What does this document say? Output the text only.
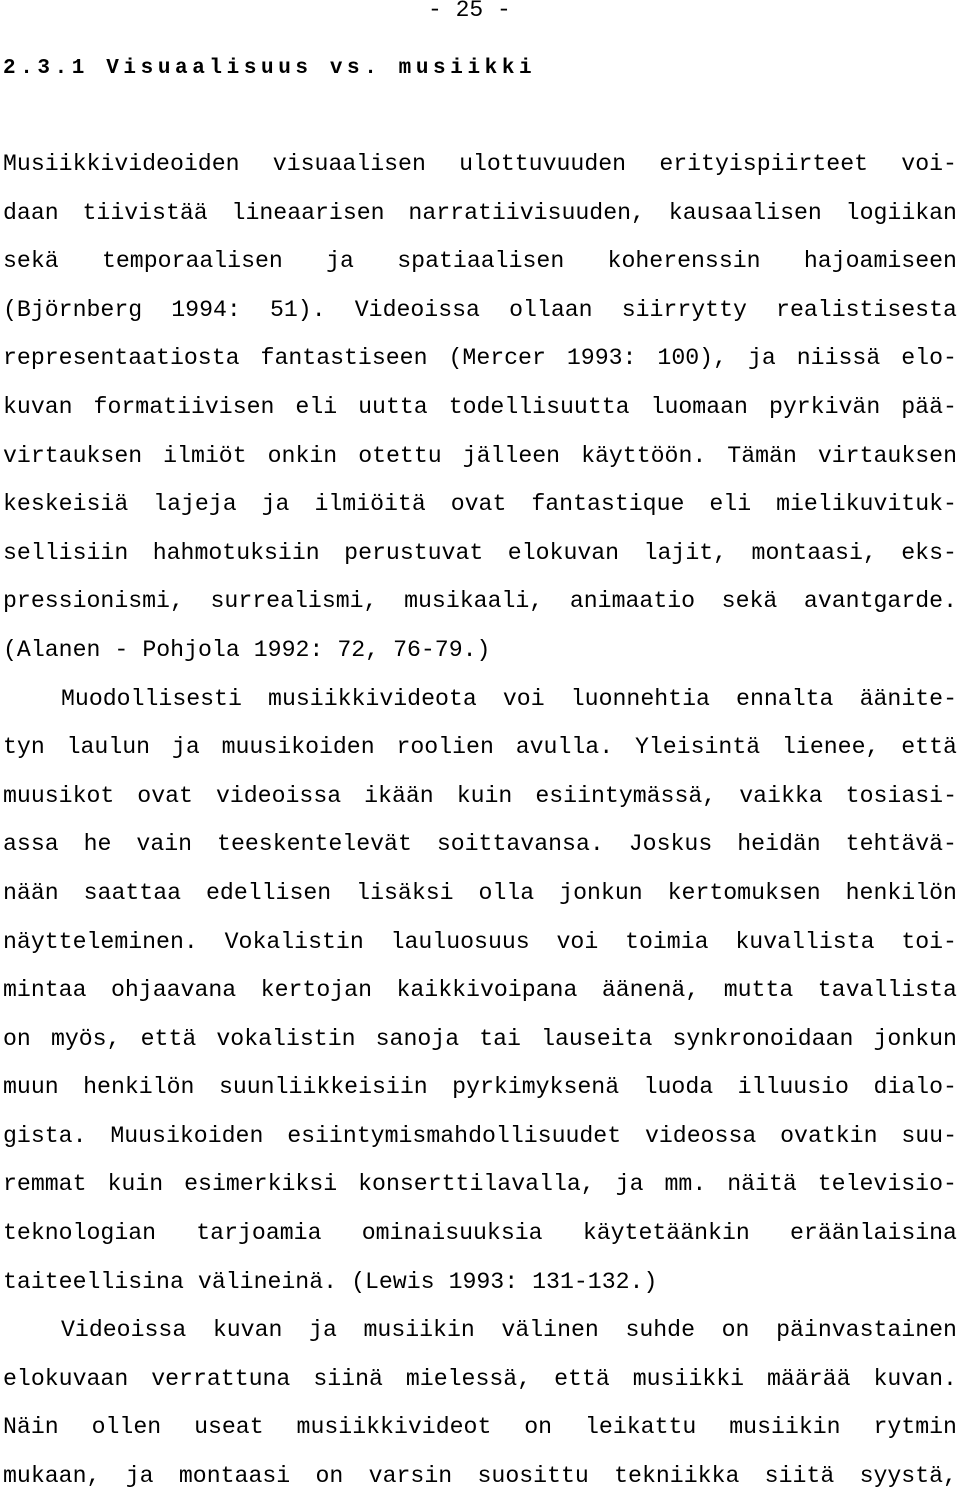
- 25 -
2.3.1 Visuaalisuus vs. musiikki
Musiikkivideoiden visuaalisen ulottuvuuden erityispiirteet voi-
daan tiivistää lineaarisen narratiivisuuden, kausaalisen logiikan
sekä temporaalisen ja spatiaalisen koherenssin hajoamiseen
(Björnberg 1994: 51). Videoissa ollaan siirrytty realistisesta
representaatiosta fantastiseen (Mercer 1993: 100), ja niissä elo-
kuvan formatiivisen eli uutta todellisuutta luomaan pyrkivän pää-
virtauksen ilmiöt onkin otettu jälleen käyttöön. Tämän virtauksen
keskeisiä lajeja ja ilmiöitä ovat fantastique eli mielikuvituk-
sellisiin hahmotuksiin perustuvat elokuvan lajit, montaasi, eks-
pressionismi, surrealismi, musikaali, animaatio sekä avantgarde.
(Alanen - Pohjola 1992: 72, 76-79.)
Muodollisesti musiikkivideota voi luonnehtia ennalta äänite-
tyn laulun ja muusikoiden roolien avulla. Yleisintä lienee, että
muusikot ovat videoissa ikään kuin esiintymässä, vaikka tosiasi-
assa he vain teeskentelevät soittavansa. Joskus heidän tehtävä-
nään saattaa edellisen lisäksi olla jonkun kertomuksen henkilön
näytteleminen. Vokalistin lauluosuus voi toimia kuvallista toi-
mintaa ohjaavana kertojan kaikkivoipana äänenä, mutta tavallista
on myös, että vokalistin sanoja tai lauseita synkronoidaan jonkun
muun henkilön suunliikkeisiin pyrkimyksenä luoda illuusio dialo-
gista. Muusikoiden esiintymismahdollisuudet videossa ovatkin suu-
remmat kuin esimerkiksi konserttilavalla, ja mm. näitä televisio-
teknologian tarjoamia ominaisuuksia käytetäänkin eräänlaisina
taiteellisina välineinä. (Lewis 1993: 131-132.)
Videoissa kuvan ja musiikin välinen suhde on päinvastainen
elokuvaan verrattuna siinä mielessä, että musiikki määrää kuvan.
Näin ollen useat musiikkivideot on leikattu musiikin rytmin
mukaan, ja montaasi on varsin suosittu tekniikka siitä syystä,
